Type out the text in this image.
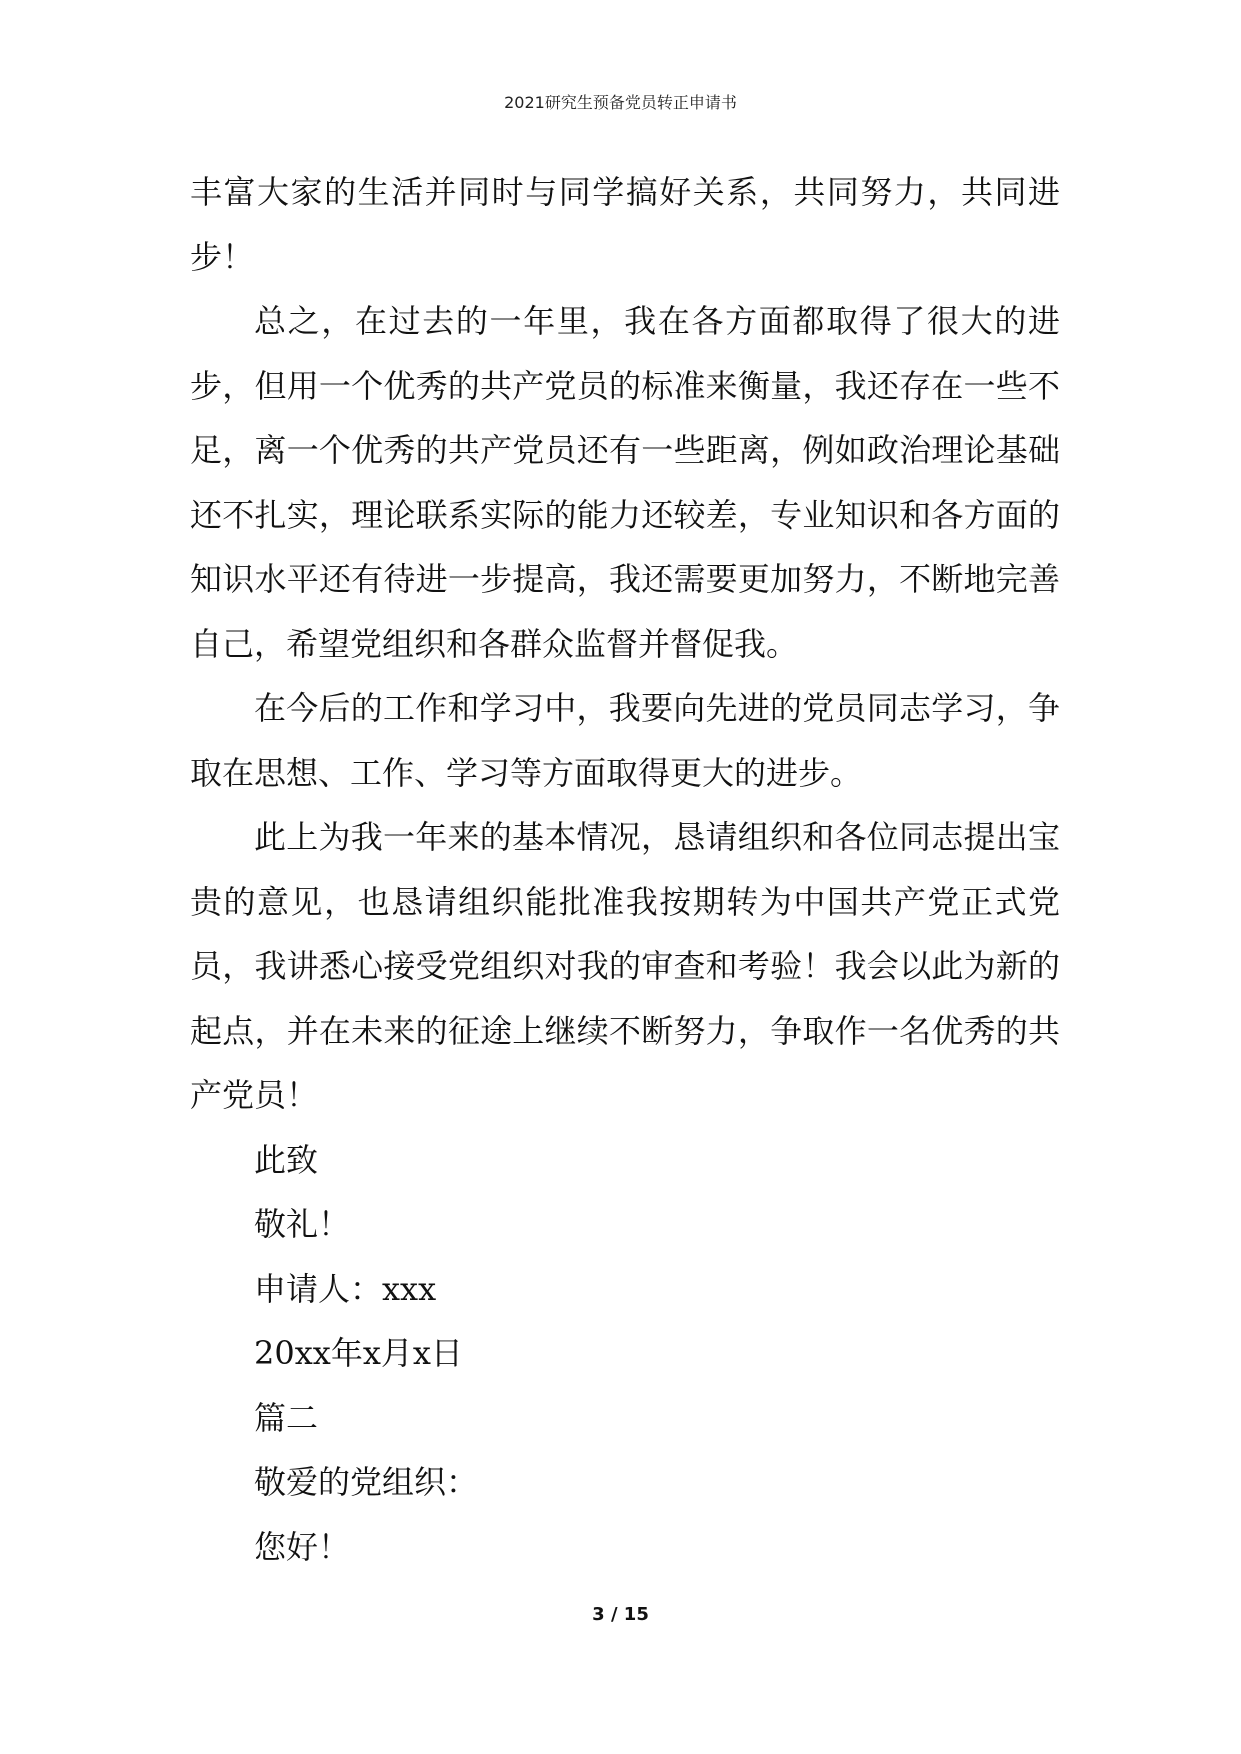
2021研究生预备党员转正申请书

丰富大家的生活并同时与同学搞好关系，共同努力，共同进步！

总之，在过去的一年里，我在各方面都取得了很大的进步，但用一个优秀的共产党员的标准来衡量，我还存在一些不足，离一个优秀的共产党员还有一些距离，例如政治理论基础还不扎实，理论联系实际的能力还较差，专业知识和各方面的知识水平还有待进一步提高，我还需要更加努力，不断地完善自己，希望党组织和各群众监督并督促我。

在今后的工作和学习中，我要向先进的党员同志学习，争取在思想、工作、学习等方面取得更大的进步。

此上为我一年来的基本情况，恳请组织和各位同志提出宝贵的意见，也恳请组织能批准我按期转为中国共产党正式党员，我讲悉心接受党组织对我的审查和考验！我会以此为新的起点，并在未来的征途上继续不断努力，争取作一名优秀的共产党员！

此致

敬礼！

申请人：xxx

20xx年x月x日

篇二

敬爱的党组织：

您好！

3 / 15
